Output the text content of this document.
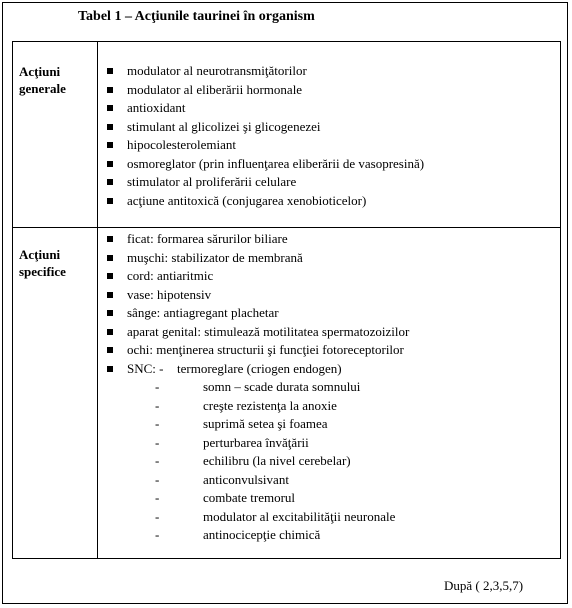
Tabel 1 – Acţiunile taurinei în organism
Acţiuni generale
modulator al neurotransmiţătorilor
modulator al eliberării hormonale
antioxidant
stimulant al glicolizei şi glicogenezei
hipocolesterolemiant
osmoreglator (prin influenţarea eliberării de vasopresină)
stimulator al proliferării celulare
acţiune antitoxică (conjugarea xenobioticelor)
Acţiuni specifice
ficat: formarea sărurilor biliare
muşchi: stabilizator de membrană
cord: antiaritmic
vase: hipotensiv
sânge: antiagregant plachetar
aparat genital: stimulează motilitatea spermatozoizilor
ochi: menţinerea structurii şi funcţiei fotoreceptorilor
SNC: -	termoreglare (criogen endogen)
-	somn – scade durata somnului
-	creşte rezistenţa la anoxie
-	suprimă setea şi foamea
-	perturbarea învăţării
-	echilibru (la nivel cerebelar)
-	anticonvulsivant
-	combate tremorul
-	modulator al excitabilităţii neuronale
-	antinocicepţie chimică
După ( 2,3,5,7)
